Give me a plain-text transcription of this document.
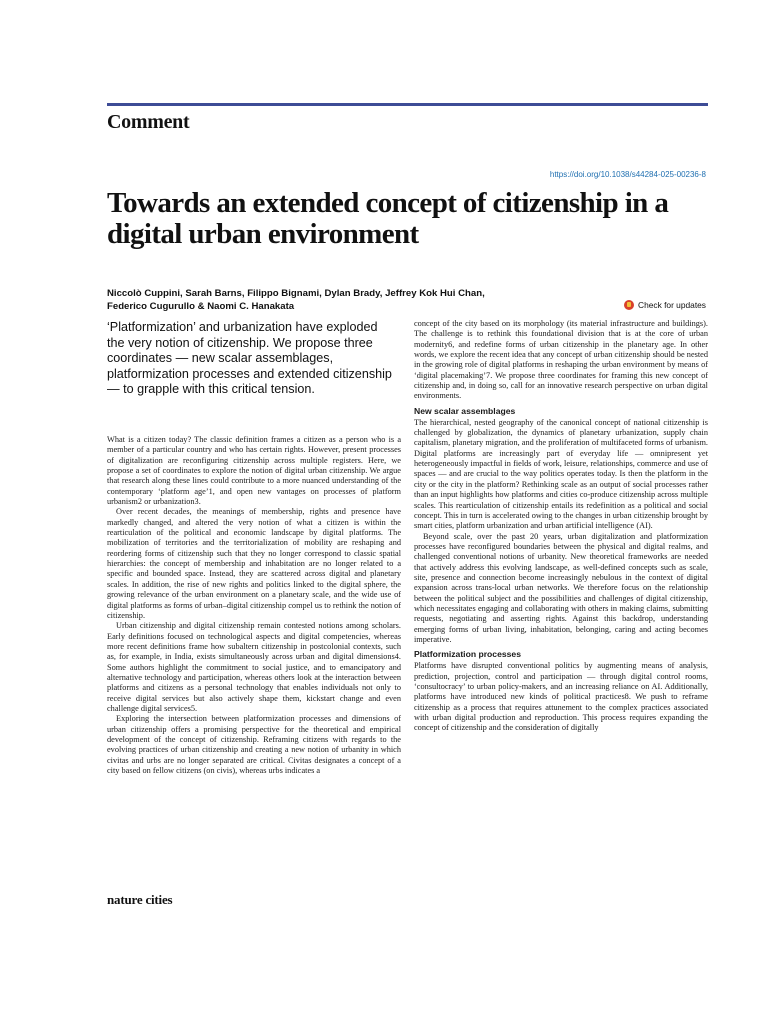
Comment
https://doi.org/10.1038/s44284-025-00236-8
Towards an extended concept of citizenship in a digital urban environment
Niccolò Cuppini, Sarah Barns, Filippo Bignami, Dylan Brady, Jeffrey Kok Hui Chan,
Federico Cugurullo & Naomi C. Hanakata	Check for updates
‘Platformization’ and urbanization have exploded the very notion of citizenship. We propose three coordinates — new scalar assemblages, platformization processes and extended citizenship — to grapple with this critical tension.

What is a citizen today? The classic definition frames a citizen as a person who is a member of a particular country and who has certain rights. However, present processes of digitalization are reconfiguring citizenship across multiple registers. Here, we propose a set of coordinates to explore the notion of digital urban citizenship. We argue that research along these lines could contribute to a more nuanced understanding of the contemporary ‘platform age’1, and open new vantages on processes of platform urbanism2 or urbanization3.

Over recent decades, the meanings of membership, rights and presence have markedly changed, and altered the very notion of what a citizen is within the rearticulation of the political and economic landscape by digital platforms. The mobilization of territories and the territorialization of mobility are reshaping and reordering forms of citizenship such that they no longer correspond to classic spatial hierarchies: the concept of membership and inhabitation are no longer related to a specific and bounded space. Instead, they are scattered across digital and planetary scales. In addition, the rise of new rights and politics linked to the digital sphere, the growing relevance of the urban environment on a planetary scale, and the wide use of digital platforms as forms of urban–digital citizenship compel us to rethink the notion of citizenship.

Urban citizenship and digital citizenship remain contested notions among scholars. Early definitions focused on technological aspects and digital competencies, whereas more recent definitions frame how subaltern citizenship in postcolonial contexts, such as, for example, in India, exists simultaneously across urban and digital dimensions4. Some authors highlight the commitment to social justice, and to emancipatory and alternative technology and participation, whereas others look at the interaction between platforms and citizens as a personal technology that enables individuals not only to receive digital services but also actively shape them, kickstart change and even challenge digital services5.

Exploring the intersection between platformization processes and dimensions of urban citizenship offers a promising perspective for the theoretical and empirical development of the concept of citizenship. Reframing citizens with regards to the evolving practices of urban citizenship and creating a new notion of urbanity in which civitas and urbs are no longer separated are critical. Civitas designates a concept of a city based on fellow citizens (on civis), whereas urbs indicates a

concept of the city based on its morphology (its material infrastructure and buildings). The challenge is to rethink this foundational division that is at the core of urban modernity6, and redefine forms of urban citizenship in the planetary age. In other words, we explore the recent idea that any concept of urban citizenship should be nested in the growing role of digital platforms in reshaping the urban environment by means of ‘digital placemaking’7. We propose three coordinates for framing this new concept of citizenship and, in doing so, call for an innovative research perspective on urban digital environments.

New scalar assemblages

The hierarchical, nested geography of the canonical concept of national citizenship is challenged by globalization, the dynamics of planetary urbanization, supply chain capitalism, planetary migration, and the proliferation of multifaceted forms of urbanism. Digital platforms are increasingly part of everyday life — omnipresent yet heterogeneously impactful in fields of work, leisure, relationships, commerce and use of spaces — and are crucial to the way politics operates today. Is then the platform in the city or the city in the platform? Rethinking scale as an output of social processes rather than an input highlights how platforms and cities co-produce citizenship across multiple scales. This rearticulation of citizenship entails its redefinition as a political and social concept. This in turn is accelerated owing to the changes in urban citizenship brought by smart cities, platform urbanization and urban artificial intelligence (AI).

Beyond scale, over the past 20 years, urban digitalization and platformization processes have reconfigured boundaries between the physical and digital realms, and challenged conventional notions of urbanity. New theoretical frameworks are needed that actively address this evolving landscape, as well-defined concepts such as scale, site, presence and connection become increasingly nebulous in the context of digital expansion across trans-local urban networks. We therefore focus on the relationship between the political subject and the possibilities and challenges of digital citizenship, which necessitates engaging and collaborating with others in making claims, submitting requests, negotiating and asserting rights. Against this backdrop, understanding emerging forms of urban living, inhabitation, belonging, caring and acting becomes imperative.

Platformization processes

Platforms have disrupted conventional politics by augmenting means of analysis, prediction, projection, control and participation — through digital control rooms, ‘consultocracy’ to urban policy-makers, and an increasing reliance on AI. Additionally, platforms have introduced new kinds of political practices8. We push to reframe citizenship as a process that requires attunement to the complex practices associated with urban digital production and reproduction. This process requires expanding the concept of citizenship and the consideration of digitally

nature cities
